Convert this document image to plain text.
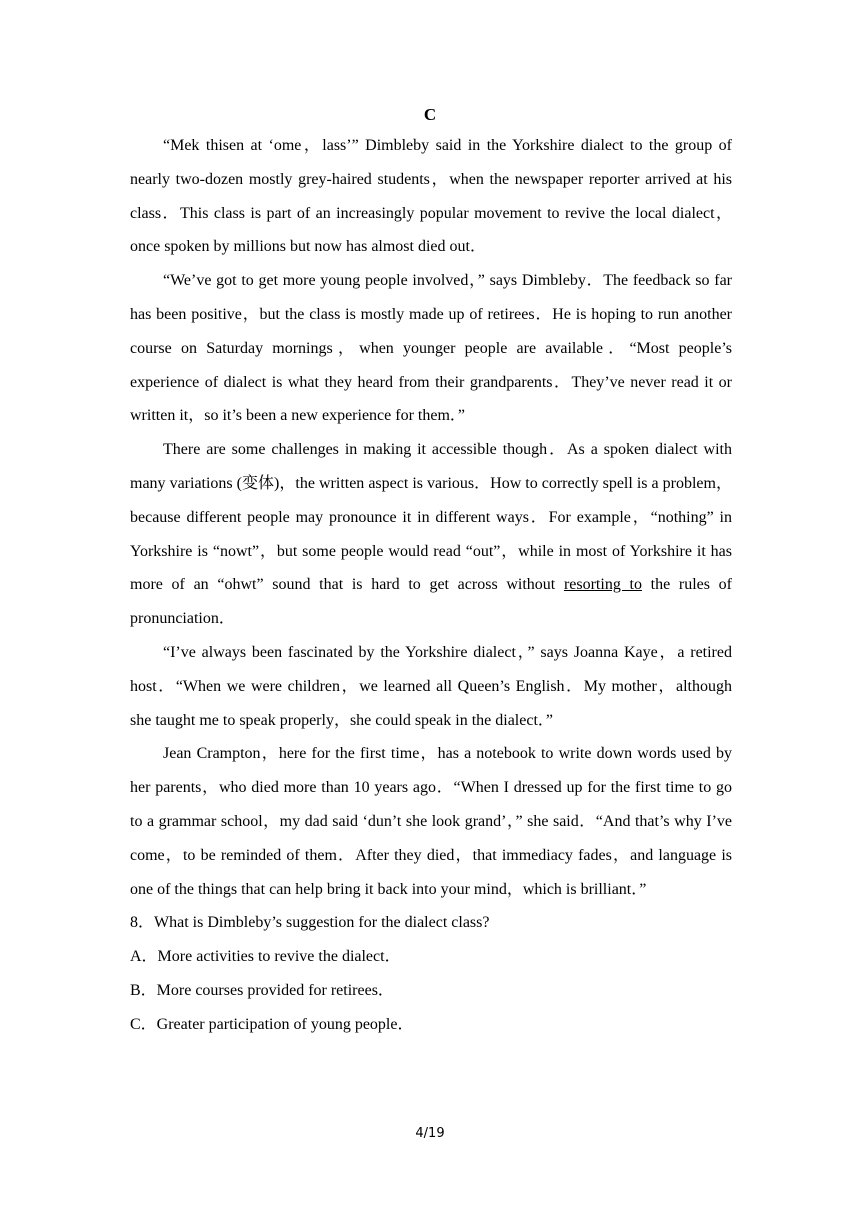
C

“Mek thisen at ‘ome，lass’” Dimbleby said in the Yorkshire dialect to the group of nearly two-dozen mostly grey-haired students，when the newspaper reporter arrived at his class．This class is part of an increasingly popular movement to revive the local dialect，once spoken by millions but now has almost died out．

“We’ve got to get more young people involved，” says Dimbleby．The feedback so far has been positive，but the class is mostly made up of retirees．He is hoping to run another course on Saturday mornings，when younger people are available．“Most people’s experience of dialect is what they heard from their grandparents．They’ve never read it or written it，so it’s been a new experience for them．”

There are some challenges in making it accessible though．As a spoken dialect with many variations (变体)，the written aspect is various．How to correctly spell is a problem，because different people may pronounce it in different ways．For example，“nothing” in Yorkshire is “nowt”，but some people would read “out”，while in most of Yorkshire it has more of an “ohwt” sound that is hard to get across without resorting to the rules of pronunciation．

“I’ve always been fascinated by the Yorkshire dialect，” says Joanna Kaye，a retired host．“When we were children，we learned all Queen’s English．My mother，although she taught me to speak properly，she could speak in the dialect．”

Jean Crampton，here for the first time，has a notebook to write down words used by her parents，who died more than 10 years ago．“When I dressed up for the first time to go to a grammar school，my dad said ‘dun’t she look grand’，” she said．“And that’s why I’ve come，to be reminded of them．After they died，that immediacy fades，and language is one of the things that can help bring it back into your mind，which is brilliant．”

8．What is Dimbleby’s suggestion for the dialect class?

A．More activities to revive the dialect．

B．More courses provided for retirees．

C．Greater participation of young people．

4/19
